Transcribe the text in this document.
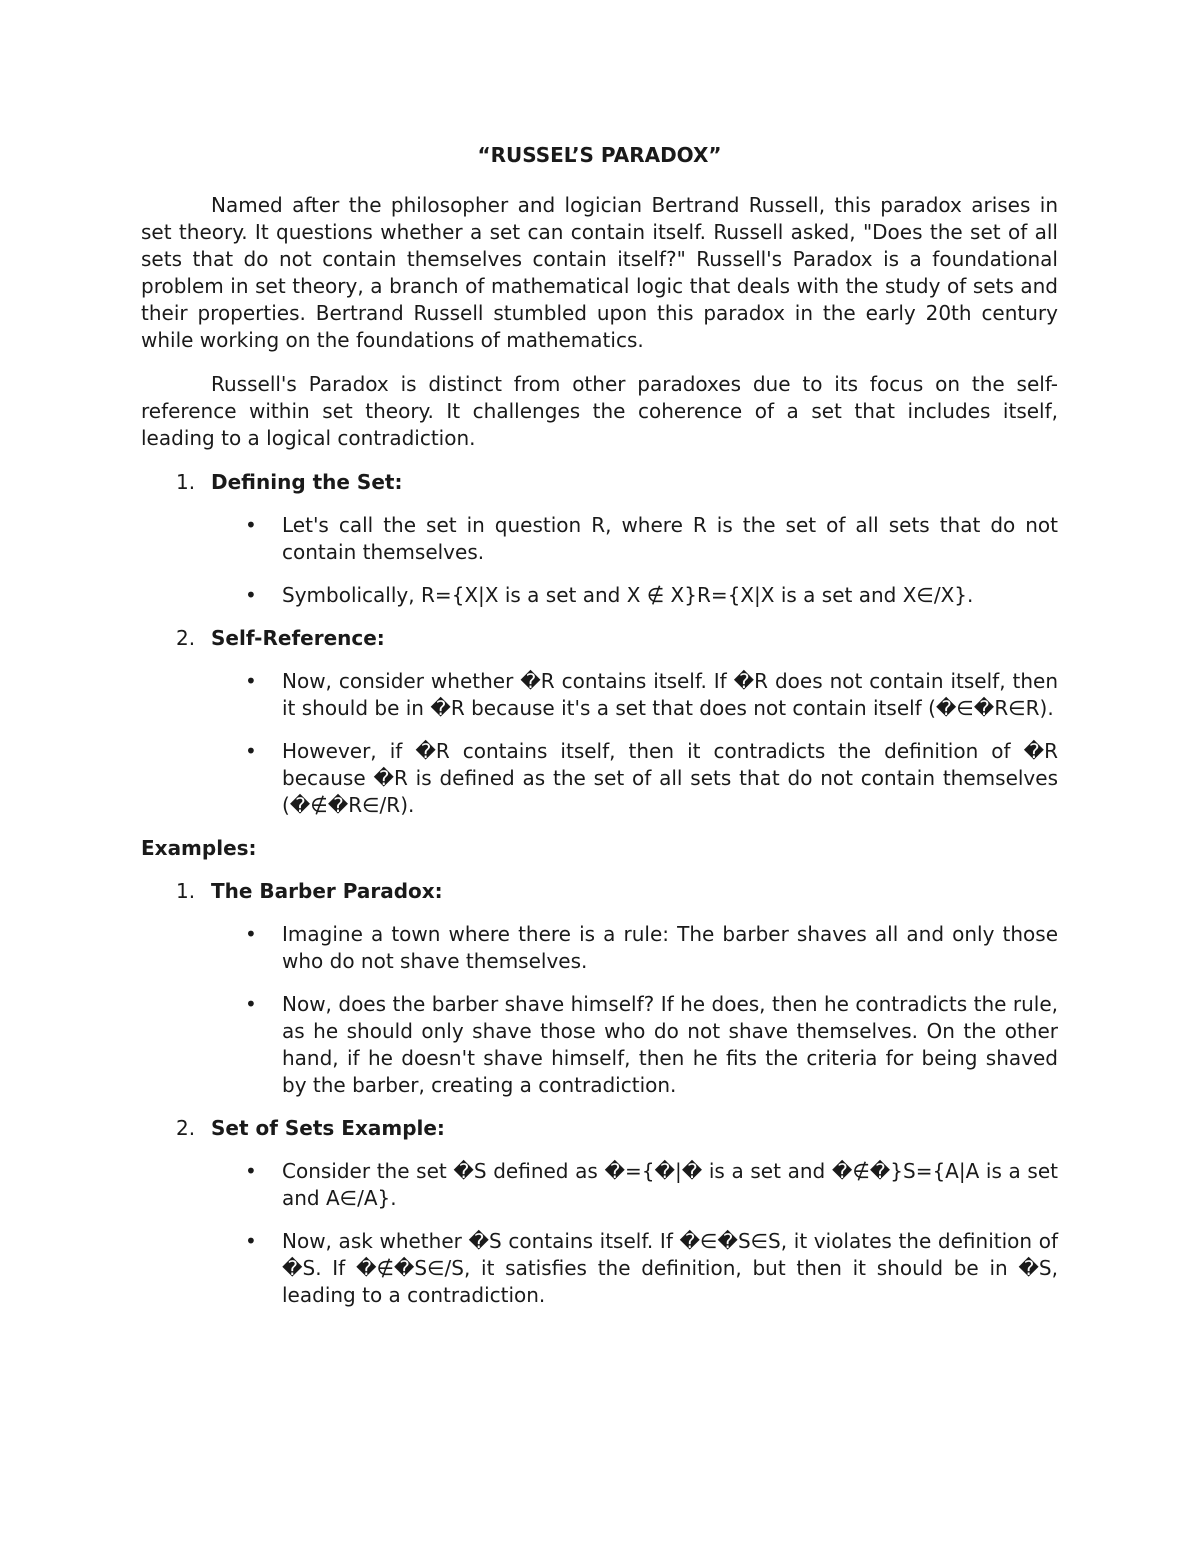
“RUSSEL’S PARADOX”

Named after the philosopher and logician Bertrand Russell, this paradox arises in set theory. It questions whether a set can contain itself. Russell asked, "Does the set of all sets that do not contain themselves contain itself?" Russell's Paradox is a foundational problem in set theory, a branch of mathematical logic that deals with the study of sets and their properties. Bertrand Russell stumbled upon this paradox in the early 20th century while working on the foundations of mathematics.

Russell's Paradox is distinct from other paradoxes due to its focus on the self-reference within set theory. It challenges the coherence of a set that includes itself, leading to a logical contradiction.

1. Defining the Set:

• Let's call the set in question R, where R is the set of all sets that do not contain themselves.

• Symbolically, R={X|X is a set and X ∉ X}R={X|X is a set and X∈/X}.

2. Self-Reference:

• Now, consider whether �R contains itself. If �R does not contain itself, then it should be in �R because it's a set that does not contain itself (�∈�R∈R).

• However, if �R contains itself, then it contradicts the definition of �R because �R is defined as the set of all sets that do not contain themselves (�∉�R∈/R).

Examples:
1. The Barber Paradox:

• Imagine a town where there is a rule: The barber shaves all and only those who do not shave themselves.

• Now, does the barber shave himself? If he does, then he contradicts the rule, as he should only shave those who do not shave themselves. On the other hand, if he doesn't shave himself, then he fits the criteria for being shaved by the barber, creating a contradiction.

2. Set of Sets Example:

• Consider the set �S defined as �={�|� is a set and �∉�}S={A|A is a set and A∈/A}.

• Now, ask whether �S contains itself. If �∈�S∈S, it violates the definition of �S. If �∉�S∈/S, it satisfies the definition, but then it should be in �S, leading to a contradiction.
